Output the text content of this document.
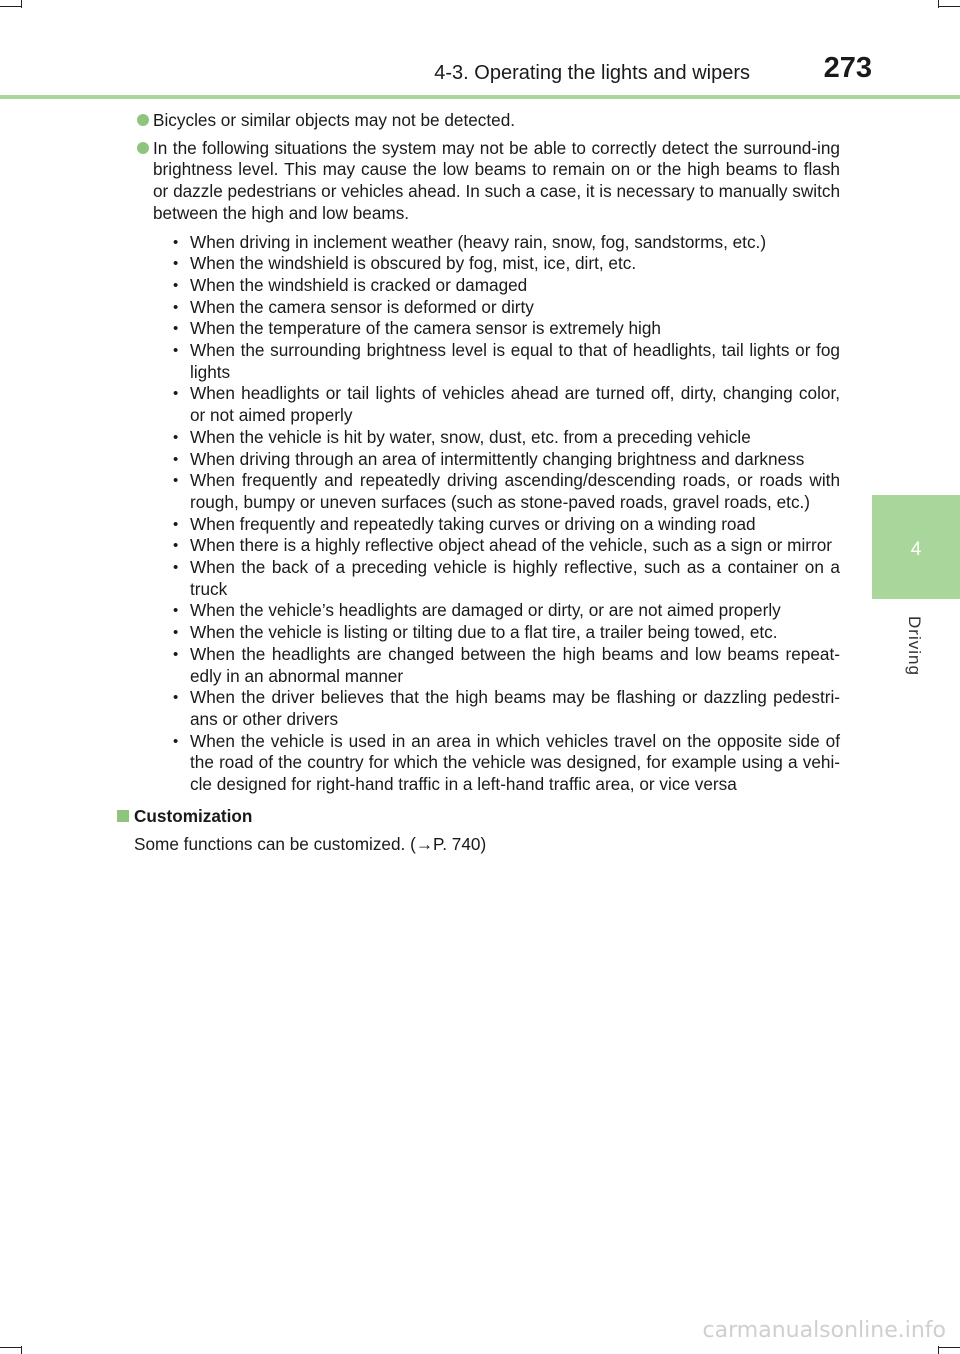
4-3. Operating the lights and wipers	273
4
Driving
Bicycles or similar objects may not be detected.
In the following situations the system may not be able to correctly detect the surround-ing brightness level. This may cause the low beams to remain on or the high beams to flash or dazzle pedestrians or vehicles ahead. In such a case, it is necessary to manually switch between the high and low beams.
• When driving in inclement weather (heavy rain, snow, fog, sandstorms, etc.)
• When the windshield is obscured by fog, mist, ice, dirt, etc.
• When the windshield is cracked or damaged
• When the camera sensor is deformed or dirty
• When the temperature of the camera sensor is extremely high
• When the surrounding brightness level is equal to that of headlights, tail lights or fog lights
• When headlights or tail lights of vehicles ahead are turned off, dirty, changing color, or not aimed properly
• When the vehicle is hit by water, snow, dust, etc. from a preceding vehicle
• When driving through an area of intermittently changing brightness and darkness
• When frequently and repeatedly driving ascending/descending roads, or roads with rough, bumpy or uneven surfaces (such as stone-paved roads, gravel roads, etc.)
• When frequently and repeatedly taking curves or driving on a winding road
• When there is a highly reflective object ahead of the vehicle, such as a sign or mirror
• When the back of a preceding vehicle is highly reflective, such as a container on a truck
• When the vehicle’s headlights are damaged or dirty, or are not aimed properly
• When the vehicle is listing or tilting due to a flat tire, a trailer being towed, etc.
• When the headlights are changed between the high beams and low beams repeat-edly in an abnormal manner
• When the driver believes that the high beams may be flashing or dazzling pedestri-ans or other drivers
• When the vehicle is used in an area in which vehicles travel on the opposite side of the road of the country for which the vehicle was designed, for example using a vehi-cle designed for right-hand traffic in a left-hand traffic area, or vice versa
Customization
Some functions can be customized. (→P. 740)
carmanualsonline.info
